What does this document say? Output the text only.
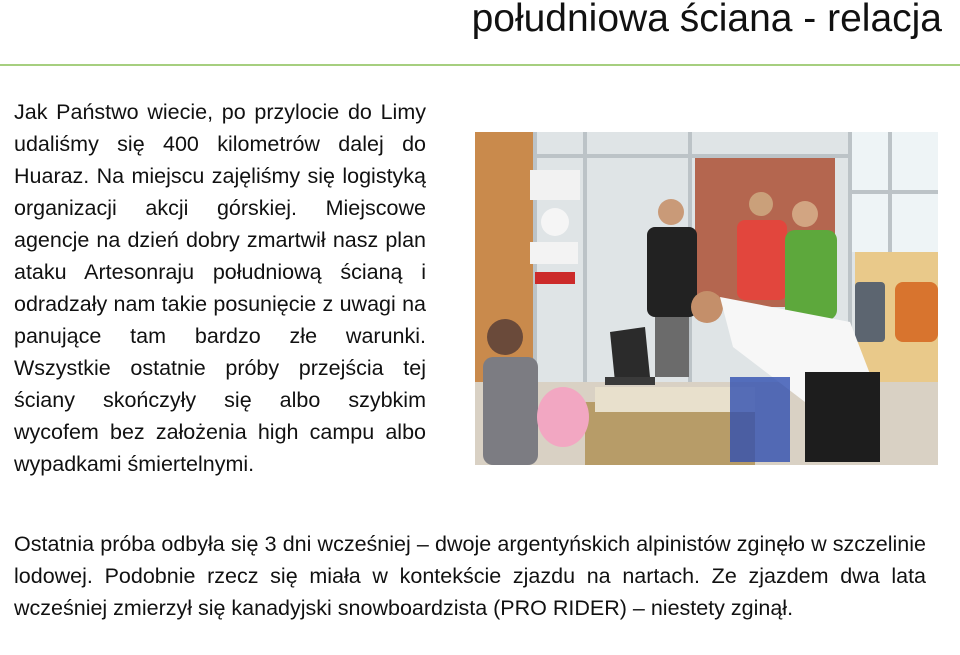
południowa ściana - relacja

Jak Państwo wiecie, po przylocie do Limy udaliśmy się 400 kilometrów dalej do Huaraz. Na miejscu zajęliśmy się logistyką organizacji akcji górskiej. Miejscowe agencje na dzień dobry zmartwił nasz plan ataku Artesonraju południową ścianą i odradzały nam takie posunięcie z uwagi na panujące tam bardzo złe warunki. Wszystkie ostatnie próby przejścia tej ściany skończyły się albo szybkim wycofem bez założenia high campu albo wypadkami śmiertelnymi.

Ostatnia próba odbyła się 3 dni wcześniej – dwoje argentyńskich alpinistów zginęło w szczelinie lodowej. Podobnie rzecz się miała w kontekście zjazdu na nartach. Ze zjazdem dwa lata wcześniej zmierzył się kanadyjski snowboardzista (PRO RIDER) – niestety zginął.
